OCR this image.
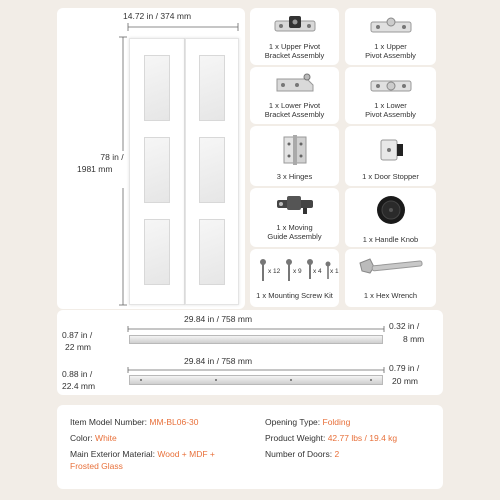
14.72 in / 374 mm
78 in /
1981 mm
1 x Upper Pivot
Bracket Assembly
1 x Upper
Pivot Assembly
1 x Lower Pivot
Bracket Assembly
1 x Lower
Pivot Assembly
3 x Hinges	1 x Door Stopper
1 x Moving
Guide Assembly	1 x Handle Knob
x 12 x 9 x 4 x 1
1 x Mounting Screw Kit	1 x Hex Wrench
29.84 in / 758 mm
0.87 in /
22 mm
0.32 in /
8 mm
29.84 in / 758 mm
0.88 in /
22.4 mm
0.79 in /
20 mm
Item Model Number: MM-BL06-30
Color: White
Main Exterior Material: Wood + MDF +
Frosted Glass
Opening Type: Folding
Product Weight: 42.77 lbs / 19.4 kg
Number of Doors: 2
